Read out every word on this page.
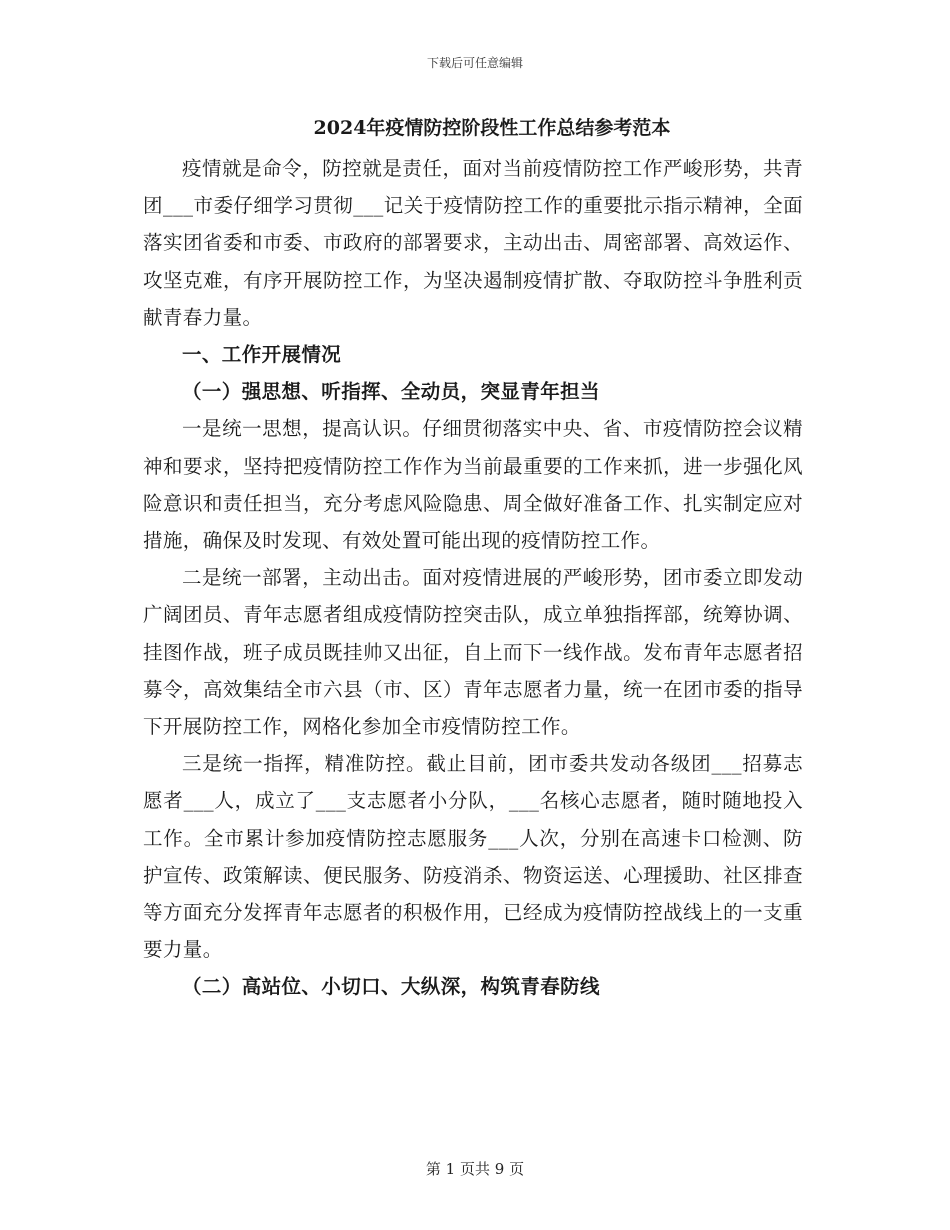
下载后可任意编辑
2024年疫情防控阶段性工作总结参考范本

疫情就是命令，防控就是责任，面对当前疫情防控工作严峻形势，共青团___市委仔细学习贯彻___记关于疫情防控工作的重要批示指示精神，全面落实团省委和市委、市政府的部署要求，主动出击、周密部署、高效运作、攻坚克难，有序开展防控工作，为坚决遏制疫情扩散、夺取防控斗争胜利贡献青春力量。

一、工作开展情况

（一）强思想、听指挥、全动员，突显青年担当

一是统一思想，提高认识。仔细贯彻落实中央、省、市疫情防控会议精神和要求，坚持把疫情防控工作作为当前最重要的工作来抓，进一步强化风险意识和责任担当，充分考虑风险隐患、周全做好准备工作、扎实制定应对措施，确保及时发现、有效处置可能出现的疫情防控工作。

二是统一部署，主动出击。面对疫情进展的严峻形势，团市委立即发动广阔团员、青年志愿者组成疫情防控突击队，成立单独指挥部，统筹协调、挂图作战，班子成员既挂帅又出征，自上而下一线作战。发布青年志愿者招募令，高效集结全市六县（市、区）青年志愿者力量，统一在团市委的指导下开展防控工作，网格化参加全市疫情防控工作。

三是统一指挥，精准防控。截止目前，团市委共发动各级团___招募志愿者___人，成立了___支志愿者小分队，___名核心志愿者，随时随地投入工作。全市累计参加疫情防控志愿服务___人次，分别在高速卡口检测、防护宣传、政策解读、便民服务、防疫消杀、物资运送、心理援助、社区排查等方面充分发挥青年志愿者的积极作用，已经成为疫情防控战线上的一支重要力量。

（二）高站位、小切口、大纵深，构筑青春防线

第 1 页共 9 页
